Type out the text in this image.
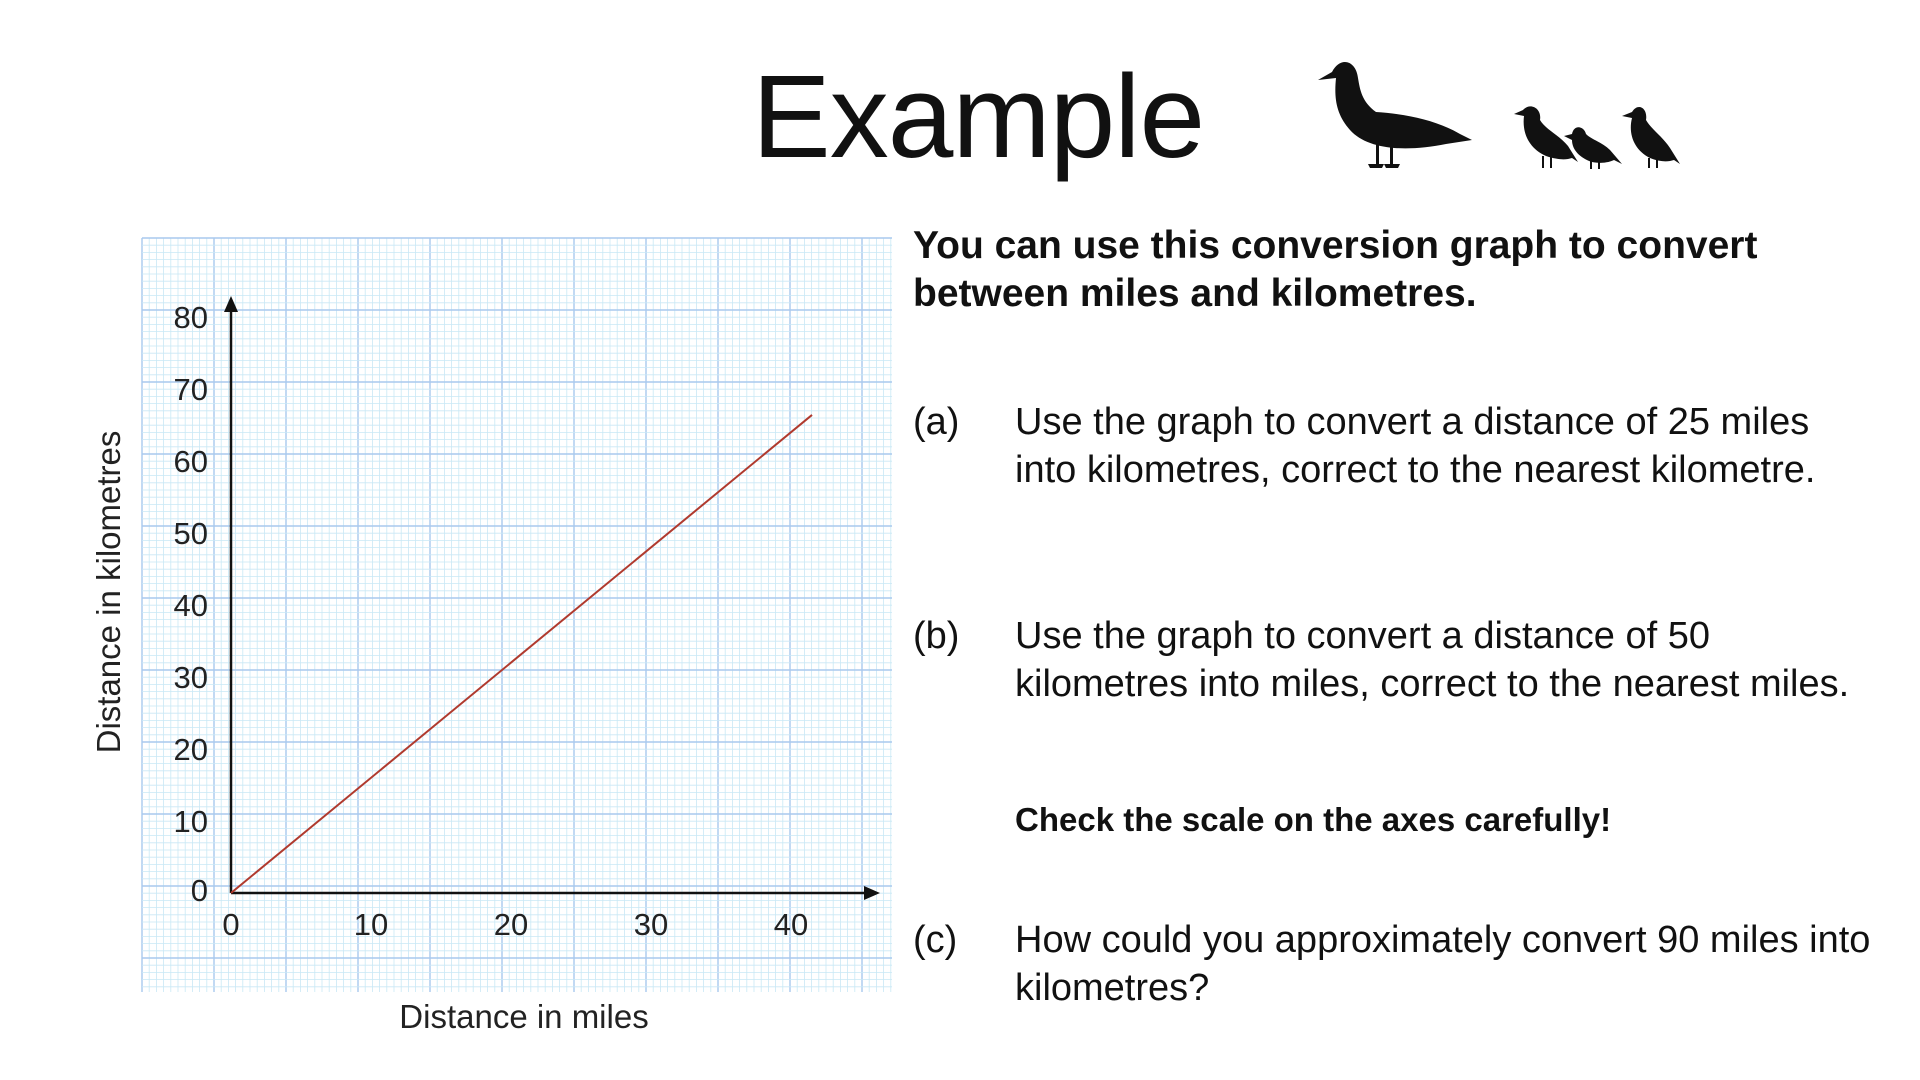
Example
0	10	20	30	40
0
10
20
30
40
50
60
70
80
Distance in miles
Distance in kilometres
You can use this conversion graph to convert between miles and kilometres.
(a) Use the graph to convert a distance of 25 miles into kilometres, correct to the nearest kilometre.
(b) Use the graph to convert a distance of 50 kilometres into miles, correct to the nearest miles.
Check the scale on the axes carefully!
(c) How could you approximately convert 90 miles into kilometres?
